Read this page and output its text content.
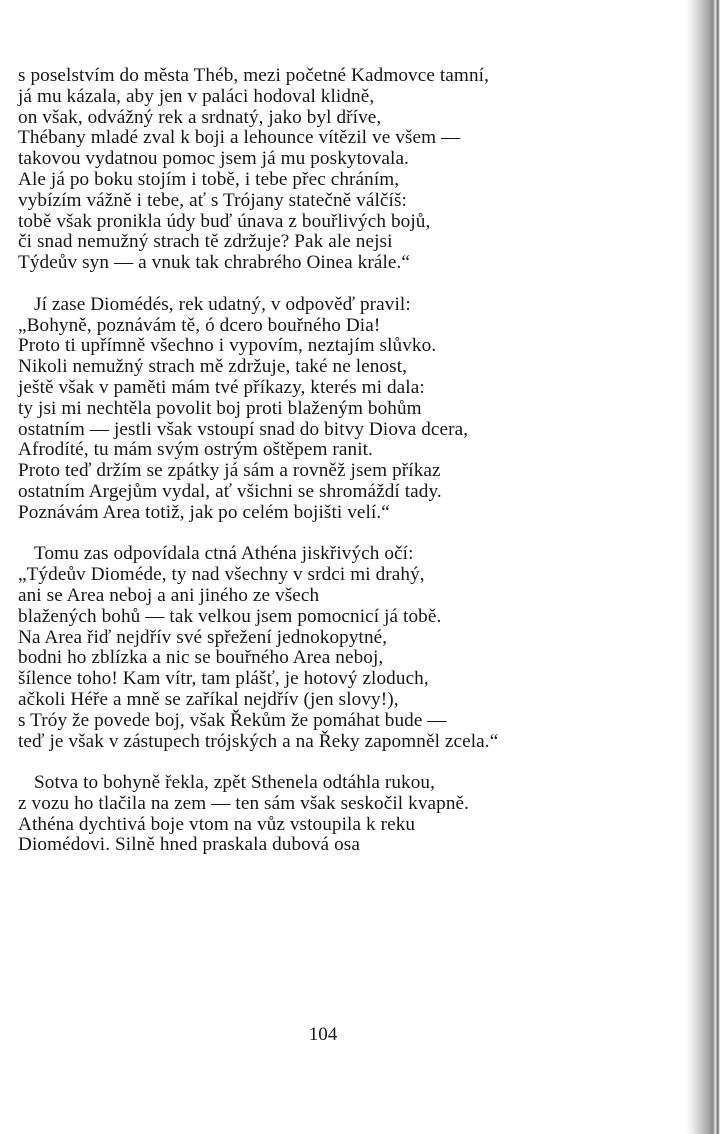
s poselstvím do města Théb, mezi početné Kadmovce tamní,
já mu kázala, aby jen v paláci hodoval klidně,
on však, odvážný rek a srdnatý, jako byl dříve,
Thébany mladé zval k boji a lehounce vítězil ve všem —
takovou vydatnou pomoc jsem já mu poskytovala.
Ale já po boku stojím i tobě, i tebe přec chráním,
vybízím vážně i tebe, ať s Trójany statečně válčíš:
tobě však pronikla údy buď únava z bouřlivých bojů,
či snad nemužný strach tě zdržuje? Pak ale nejsi
Týdeův syn — a vnuk tak chrabrého Oinea krále.“
Jí zase Diomédés, rek udatný, v odpověď pravil:
„Bohyně, poznávám tě, ó dcero bouřného Dia!
Proto ti upřímně všechno i vypovím, neztajím slůvko.
Nikoli nemužný strach mě zdržuje, také ne lenost,
ještě však v paměti mám tvé příkazy, kterés mi dala:
ty jsi mi nechtěla povolit boj proti blaženým bohům
ostatním — jestli však vstoupí snad do bitvy Diova dcera,
Afrodíté, tu mám svým ostrým oštěpem ranit.
Proto teď držím se zpátky já sám a rovněž jsem příkaz
ostatním Argejům vydal, ať všichni se shromáždí tady.
Poznávám Area totiž, jak po celém bojišti velí.“
Tomu zas odpovídala ctná Athéna jiskřivých očí:
„Týdeův Diomédе, ty nad všechny v srdci mi drahý,
ani se Area neboj a ani jiného ze všech
blažených bohů — tak velkou jsem pomocnicí já tobě.
Na Area řiď nejdřív své spřežení jednokopytné,
bodni ho zblízka a nic se bouřného Area neboj,
šílence toho! Kam vítr, tam plášť, je hotový zloduch,
ačkoli Héře a mně se zaříkal nejdřív (jen slovy!),
s Tróy že povede boj, však Řekům že pomáhat bude —
teď je však v zástupech trójských a na Řeky zapomněl zcela.“
Sotva to bohyně řekla, zpět Sthenela odtáhla rukou,
z vozu ho tlačila na zem — ten sám však seskočil kvapně.
Athéna dychtivá boje vtom na vůz vstoupila k reku
Diomédovi. Silně hned praskala dubová osa
104
